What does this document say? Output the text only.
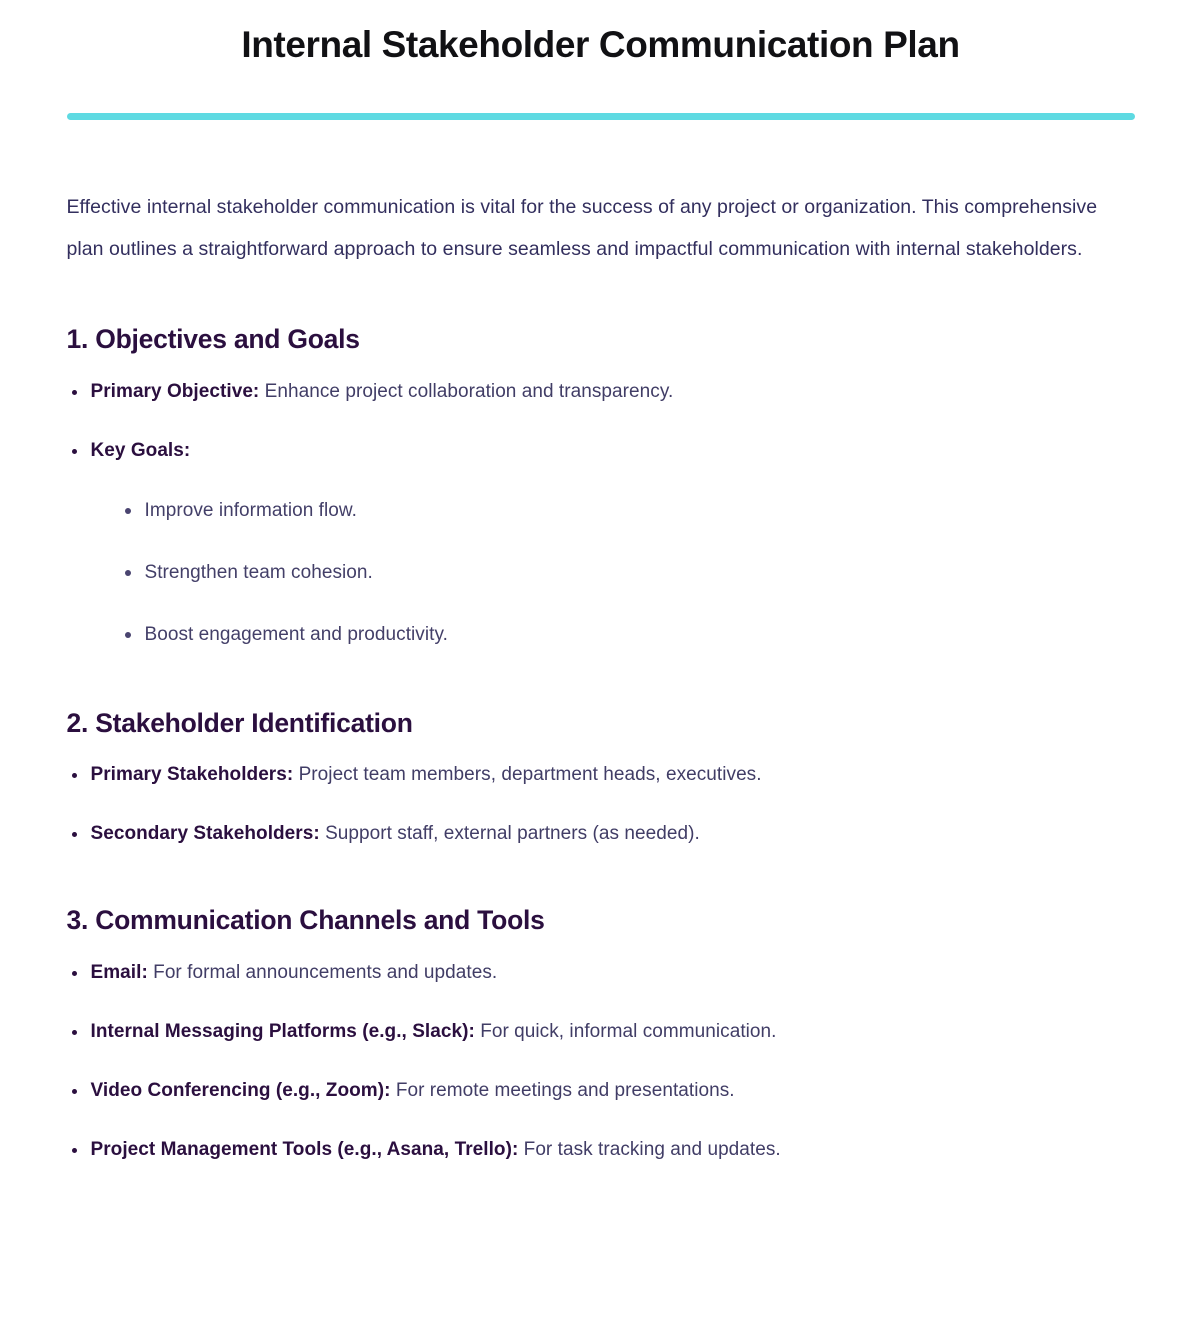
Internal Stakeholder Communication Plan

Effective internal stakeholder communication is vital for the success of any project or organization. This comprehensive plan outlines a straightforward approach to ensure seamless and impactful communication with internal stakeholders.

1. Objectives and Goals
Primary Objective: Enhance project collaboration and transparency.
Key Goals:
Improve information flow.
Strengthen team cohesion.
Boost engagement and productivity.
2. Stakeholder Identification
Primary Stakeholders: Project team members, department heads, executives.
Secondary Stakeholders: Support staff, external partners (as needed).
3. Communication Channels and Tools
Email: For formal announcements and updates.
Internal Messaging Platforms (e.g., Slack): For quick, informal communication.
Video Conferencing (e.g., Zoom): For remote meetings and presentations.
Project Management Tools (e.g., Asana, Trello): For task tracking and updates.
